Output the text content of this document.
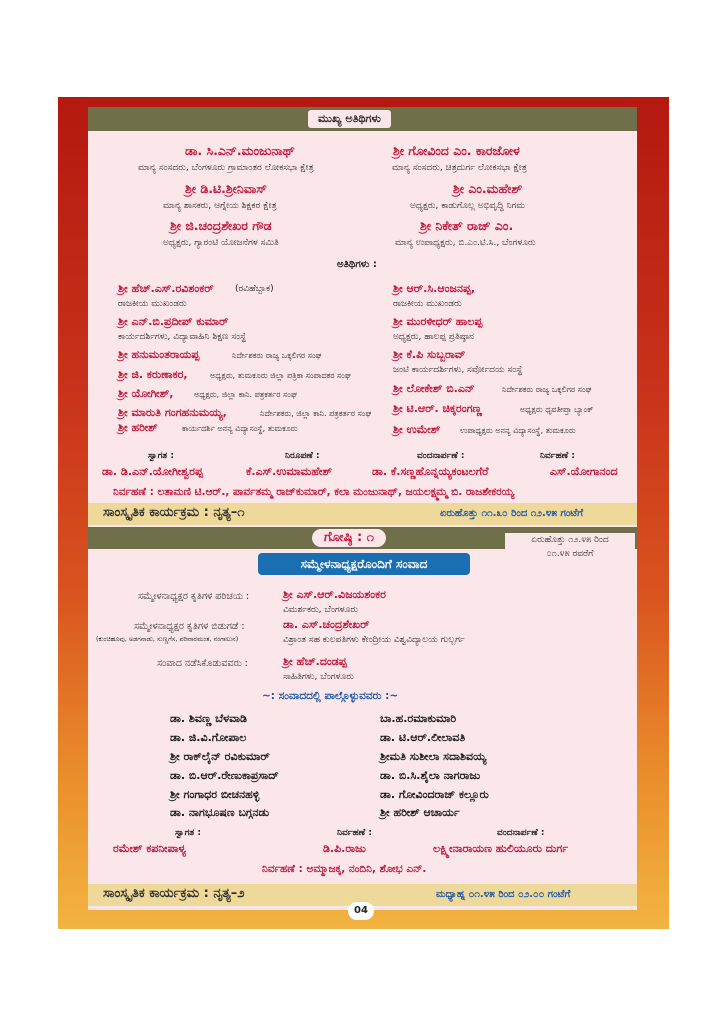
ಮುಖ್ಯ ಅತಿಥಿಗಳು
ಡಾ. ಸಿ.ಎನ್.ಮಂಜುನಾಥ್
ಮಾನ್ಯ ಸಂಸದರು, ಬೆಂಗಳೂರು ಗ್ರಾಮಾಂತರ ಲೋಕಸಭಾ ಕ್ಷೇತ್ರ
ಶ್ರೀ ಗೋವಿಂದ ಎಂ. ಕಾರಜೋಳ
ಮಾನ್ಯ ಸಂಸದರು, ಚಿತ್ರದುರ್ಗ ಲೋಕಸಭಾ ಕ್ಷೇತ್ರ
ಶ್ರೀ ಡಿ.ಟಿ.ಶ್ರೀನಿವಾಸ್
ಮಾನ್ಯ ಶಾಸಕರು, ಆಗ್ನೇಯ ಶಿಕ್ಷಕರ ಕ್ಷೇತ್ರ
ಶ್ರೀ ಎಂ.ಮಹೇಶ್
ಅಧ್ಯಕ್ಷರು, ಕಾಡುಗೊಲ್ಲ ಅಭಿವೃದ್ಧಿ ನಿಗಮ
ಶ್ರೀ ಜಿ.ಚಂದ್ರಶೇಖರ ಗೌಡ
ಅಧ್ಯಕ್ಷರು, ಗ್ಯಾರಂಟಿ ಯೋಜನೆಗಳ ಸಮಿತಿ
ಶ್ರೀ ನಿಕೇತ್ ರಾಜ್ ಎಂ.
ಮಾನ್ಯ ಉಪಾಧ್ಯಕ್ಷರು, ಬಿ.ಎಂ.ಟಿ.ಸಿ., ಬೆಂಗಳೂರು
ಅತಿಥಿಗಳು :
ಶ್ರೀ ಹೆಚ್.ಎಸ್.ರವಿಶಂಕರ್ (ರವಿಹೆಬ್ಬಾಕ)
ರಾಜಕೀಯ ಮುಖಂಡರು
ಶ್ರೀ ಎನ್.ಬಿ.ಪ್ರದೀಪ್ ಕುಮಾರ್
ಕಾರ್ಯದರ್ಶಿಗಳು, ವಿದ್ಯಾವಾಹಿನಿ ಶಿಕ್ಷಣ ಸಂಸ್ಥೆ
ಶ್ರೀ ಹನುಮಂತರಾಯಪ್ಪ	ನಿರ್ದೇಶಕರು ರಾಜ್ಯ ಒಕ್ಕಲಿಗರ ಸಂಘ
ಶ್ರೀ ಜಿ. ಕರುಣಾಕರ,	ಅಧ್ಯಕ್ಷರು, ತುಮಕೂರು ಜಿಲ್ಲಾ ಪತ್ರಿಕಾ ಸಂಪಾದಕರ ಸಂಘ
ಶ್ರೀ ಯೋಗೀಶ್,	ಅಧ್ಯಕ್ಷರು, ಜಿಲ್ಲಾ ಕಾನಿ. ಪತ್ರಕರ್ತರ ಸಂಘ
ಶ್ರೀ ಮಾರುತಿ ಗಂಗಹನುಮಯ್ಯ,	ನಿರ್ದೇಶಕರು, ಜಿಲ್ಲಾ ಕಾನಿ. ಪತ್ರಕರ್ತರ ಸಂಘ
ಶ್ರೀ ಹರೀಶ್	ಕಾರ್ಯದರ್ಶಿ ಅನನ್ಯ ವಿದ್ಯಾಸಂಸ್ಥೆ, ತುಮಕೂರು
ಶ್ರೀ ಆರ್.ಸಿ.ಆಂಜನಪ್ಪ,
ರಾಜಕೀಯ ಮುಖಂಡರು
ಶ್ರೀ ಮುರಳೀಧರ್ ಹಾಲಪ್ಪ
ಅಧ್ಯಕ್ಷರು, ಹಾಲಪ್ಪ ಪ್ರತಿಷ್ಠಾನ
ಶ್ರೀ ಕೆ.ಪಿ ಸುಬ್ಬರಾವ್
ಜಂಟಿ ಕಾರ್ಯದರ್ಶಿಗಳು, ಸರ್ವೋದಯ ಸಂಸ್ಥೆ
ಶ್ರೀ ಲೋಕೇಶ್ ಬಿ.ಎನ್	ನಿರ್ದೇಶಕರು ರಾಜ್ಯ ಒಕ್ಕಲಿಗರ ಸಂಘ
ಶ್ರೀ ಟಿ.ಆರ್. ಚಿಕ್ಕರಂಗಣ್ಣ	ಅಧ್ಯಕ್ಷರು ಧೃವತೀಪ್ತಾ ಬ್ಯಾಂಕ್
ಶ್ರೀ ಉಮೇಶ್ ಉಪಾಧ್ಯಕ್ಷರು ಅನನ್ಯ ವಿದ್ಯಾಸಂಸ್ಥೆ, ತುಮಕೂರು
ಸ್ವಾಗತ :	ನಿರೂಪಣೆ :	ವಂದನಾರ್ಪಣೆ :	ನಿರ್ವಹಣೆ :
ಡಾ. ಡಿ.ಎನ್.ಯೋಗೀಶ್ವರಪ್ಪ	ಕೆ.ಎಸ್.ಉಮಾಮಹೇಶ್	ಡಾ. ಕೆ.ಸಣ್ಣಹೊನ್ನಯ್ಯಕಂಟಲಗೆರೆ	ಎಸ್.ಯೋಗಾನಂದ
ನಿರ್ವಹಣೆ : ಲತಾಮಣಿ ಟಿ.ಆರ್., ಪಾರ್ವತಮ್ಮ ರಾಜ್‌ಕುಮಾರ್, ಕಲಾ ಮಂಜುನಾಥ್, ಜಯಲಕ್ಷ್ಮಮ್ಮ ಬಿ. ರಾಜಶೇಕರಯ್ಯ
ಸಾಂಸ್ಕೃತಿಕ ಕಾರ್ಯಕ್ರಮ : ನೃತ್ಯ–೧	ಏರುಹೊತ್ತು ೧೧.೩೦ ರಿಂದ ೧೨.೪೫ ಗಂಟೆಗೆ
ಗೋಷ್ಠಿ : ೧	ಏರುಹೊತ್ತು ೧೨.೪೫ ರಿಂದ
೦೧.೪೫ ರವರೆಗೆ
ಸಮ್ಮೇಳನಾಧ್ಯಕ್ಷರೊಂದಿಗೆ ಸಂವಾದ
ಸಮ್ಮೇಳನಾಧ್ಯಕ್ಷರ ಕೃತಿಗಳ ಪರಿಚಯ :	ಶ್ರೀ ಎಸ್.ಆರ್.ವಿಜಯಶಂಕರ
ವಿಮರ್ಶಕರು, ಬೆಂಗಳೂರು
ಸಮ್ಮೇಳನಾಧ್ಯಕ್ಷರ ಕೃತಿಗಳ ಬಿಡುಗಡೆ :
(ಕುಂಚಿಹೂವು, ಅಡಗನಾಡು, ಸುಣ್ಣಗೆಸ, ಪರಿವಾರಮಂತ, ನಂಗಾಲುನ)
ಡಾ. ಎಸ್.ಚಂದ್ರಶೇಖರ್
ವಿಶ್ರಾಂತ ಸಹ ಕುಲಪತಿಗಳು ಕೇಂದ್ರೀಯ ವಿಶ್ವವಿದ್ಯಾಲಯ ಗುಲ್ಬರ್ಗ
ಸಂವಾದ ನಡೆಸಿಕೊಡುವವರು :	ಶ್ರೀ ಹೆಚ್.ದಂಡಪ್ಪ
ಸಾಹಿತಿಗಳು, ಬೆಂಗಳೂರು
~: ಸಂವಾದದಲ್ಲಿ ಪಾಲ್ಗೊಳ್ಳುವವರು :~
ಡಾ. ಶಿವಣ್ಣ ಬೆಳವಾಡಿ
ಡಾ. ಜಿ.ವಿ.ಗೋಪಾಲ
ಶ್ರೀ ರಾಕ್‌ಲೈನ್ ರವಿಕುಮಾರ್
ಡಾ. ಬಿ.ಆರ್.ರೇಣುಕಾಪ್ರಸಾದ್
ಶ್ರೀ ಗಂಗಾಧರ ಬೀಚನಹಳ್ಳಿ
ಡಾ. ನಾಗಭೂಷಣ ಬಗ್ಗನಡು
ಬಾ.ಹ.ರಮಾಕುಮಾರಿ
ಡಾ. ಟಿ.ಆರ್.ಲೀಲಾವತಿ
ಶ್ರೀಮತಿ ಸುಶೀಲಾ ಸದಾಶಿವಯ್ಯ
ಡಾ. ಬಿ.ಸಿ.ಶೈಲಾ ನಾಗರಾಜು
ಡಾ. ಗೋವಿಂದರಾಜ್ ಕಲ್ಲೂರು
ಶ್ರೀ ಹರೀಶ್ ಆಚಾರ್ಯ
ಸ್ವಾಗತ :	ನಿರ್ವಹಣೆ :	ವಂದನಾರ್ಪಣೆ :
ರಮೇಶ್ ಕಪನೀಪಾಳ್ಯ	ಡಿ.ಪಿ.ರಾಜು	ಲಕ್ಷ್ಮೀನಾರಾಯಣ ಹುಲಿಯೂರು ದುರ್ಗ
ನಿರ್ವಹಣೆ : ಅಮ್ಮಾಜಕ್ಕ, ನಂದಿನಿ, ಶೋಭ ಎನ್.
ಸಾಂಸ್ಕೃತಿಕ ಕಾರ್ಯಕ್ರಮ : ನೃತ್ಯ–೨	ಮಧ್ಯಾಹ್ನ ೦೧.೪೫ ರಿಂದ ೦೨.೦೦ ಗಂಟೆಗೆ
04
